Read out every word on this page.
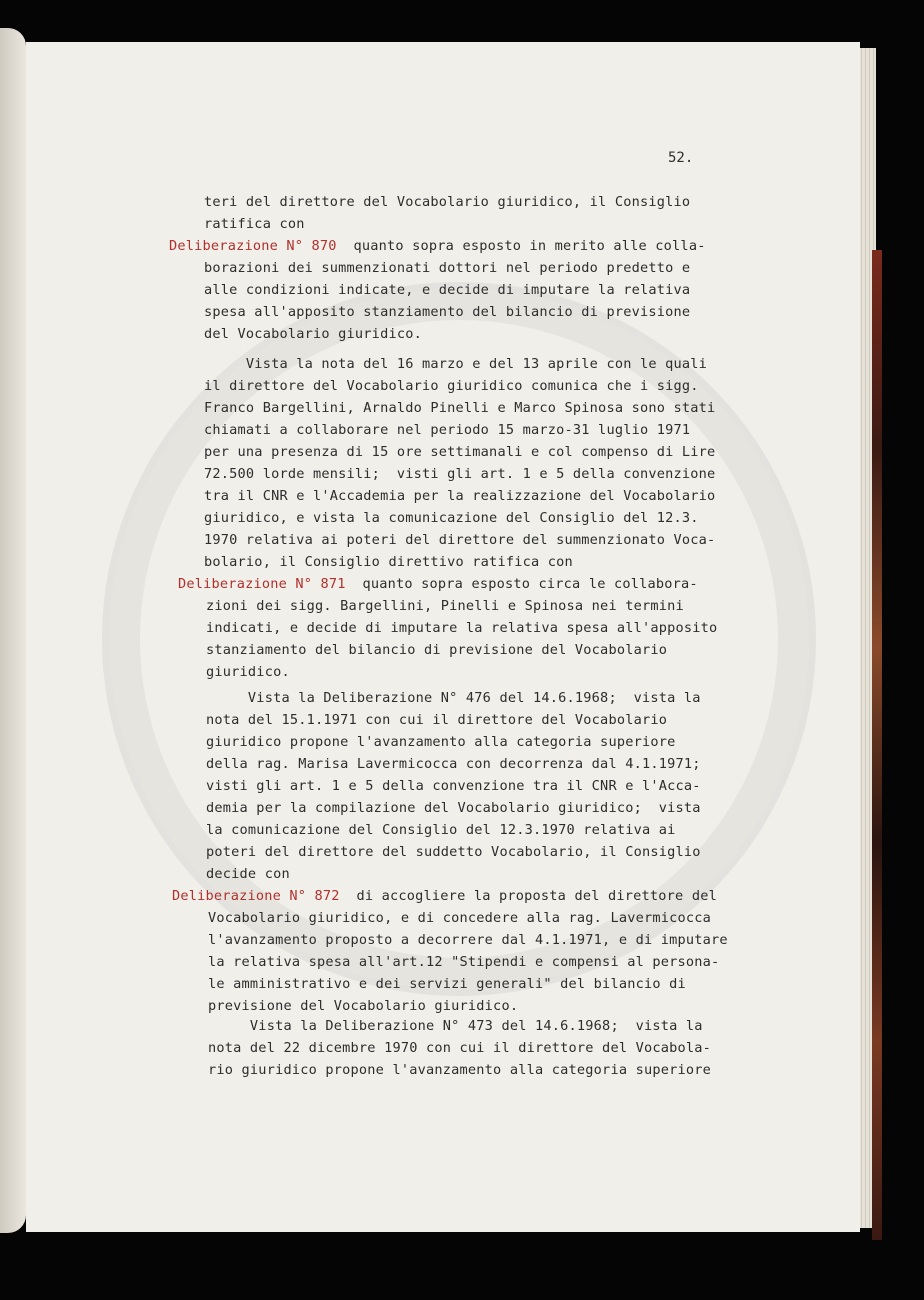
52.
teri del direttore del Vocabolario giuridico, il Consiglio
ratifica con
Deliberazione N° 870  quanto sopra esposto in merito alle colla-
borazioni dei summenzionati dottori nel periodo predetto e
alle condizioni indicate, e decide di imputare la relativa
spesa all'apposito stanziamento del bilancio di previsione
del Vocabolario giuridico.
Vista la nota del 16 marzo e del 13 aprile con le quali
il direttore del Vocabolario giuridico comunica che i sigg.
Franco Bargellini, Arnaldo Pinelli e Marco Spinosa sono stati
chiamati a collaborare nel periodo 15 marzo-31 luglio 1971
per una presenza di 15 ore settimanali e col compenso di Lire
72.500 lorde mensili;  visti gli art. 1 e 5 della convenzione
tra il CNR e l'Accademia per la realizzazione del Vocabolario
giuridico, e vista la comunicazione del Consiglio del 12.3.
1970 relativa ai poteri del direttore del summenzionato Voca-
bolario, il Consiglio direttivo ratifica con
Deliberazione N° 871  quanto sopra esposto circa le collabora-
zioni dei sigg. Bargellini, Pinelli e Spinosa nei termini
indicati, e decide di imputare la relativa spesa all'apposito
stanziamento del bilancio di previsione del Vocabolario
giuridico.
Vista la Deliberazione N° 476 del 14.6.1968;  vista la
nota del 15.1.1971 con cui il direttore del Vocabolario
giuridico propone l'avanzamento alla categoria superiore
della rag. Marisa Lavermicocca con decorrenza dal 4.1.1971;
visti gli art. 1 e 5 della convenzione tra il CNR e l'Acca-
demia per la compilazione del Vocabolario giuridico;  vista
la comunicazione del Consiglio del 12.3.1970 relativa ai
poteri del direttore del suddetto Vocabolario, il Consiglio
decide con
Deliberazione N° 872  di accogliere la proposta del direttore del
Vocabolario giuridico, e di concedere alla rag. Lavermicocca
l'avanzamento proposto a decorrere dal 4.1.1971, e di imputare
la relativa spesa all'art.12 "Stipendi e compensi al persona-
le amministrativo e dei servizi generali" del bilancio di
previsione del Vocabolario giuridico.
Vista la Deliberazione N° 473 del 14.6.1968;  vista la
nota del 22 dicembre 1970 con cui il direttore del Vocabola-
rio giuridico propone l'avanzamento alla categoria superiore
